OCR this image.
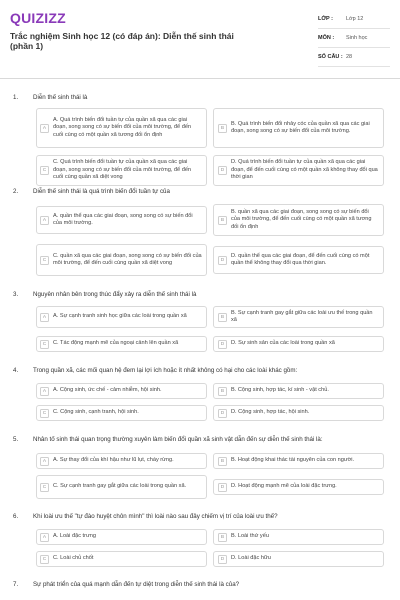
QUIZIZZ
Trắc nghiệm Sinh học 12 (có đáp án): Diễn thế sinh thái (phần 1)
LỚP :	Lớp 12
MÔN :	Sinh học
SỐ CÂU : 28
1.	Diễn thế sinh thái là
A
A. Quá trình biến đổi tuần tự của quần xã qua các giai đoạn, song song có sự biến đổi của môi trường, để đến cuối cùng có một quần xã tương đối ổn định
B
B. Quá trình biến đổi nhảy cóc của quần xã qua các giai đoạn, song song có sự biến đổi của môi trường.
C
C. Quá trình biến đổi tuần tự của quần xã qua các giai đoạn, song song có sự biến đổi của môi trường, để đến cuối cùng quần xã diệt vong
D
D. Quá trình biến đổi tuần tự của quần xã qua các giai đoạn, để đến cuối cùng có một quần xã không thay đổi qua thời gian
2.	Diễn thế sinh thái là quá trình biến đổi tuần tự của
A
A. quần thể qua các giai đoạn, song song có sự biến đổi của môi trường.	B
B. quần xã qua các giai đoạn, song song có sự biến đổi của môi trường, để đến cuối cùng có một quần xã tương đối ổn định
C
C. quần xã qua các giai đoạn, song song có sự biến đổi của môi trường, để đến cuối cùng quần xã diệt vong	D
D. quần thể qua các giai đoạn, để đến cuối cùng có một quần thể không thay đổi qua thời gian.
3.	Nguyên nhân bên trong thúc đẩy xảy ra diễn thế sinh thái là
A	A. Sự cạnh tranh sinh học giữa các loài trong quần xã	B
B. Sự cạnh tranh gay gắt giữa các loài ưu thế trong quần xã
C	C. Tác động mạnh mẽ của ngoại cảnh lên quần xã	D	D. Sự sinh sản của các loài trong quần xã
4.	Trong quần xã, các mối quan hệ đem lại lợi ích hoặc ít nhất không có hại cho các loài khác gồm:
A	A. Cộng sinh, ức chế - cảm nhiễm, hội sinh.	B	B. Cộng sinh, hợp tác, kí sinh - vật chủ.
C	C. Cộng sinh, cạnh tranh, hội sinh.	D	D. Cộng sinh, hợp tác, hội sinh.
5.	Nhân tố sinh thái quan trọng thường xuyên làm biến đổi quần xã sinh vật dẫn đến sự diễn thế sinh thái là:
A	A. Sự thay đổi của khí hậu như lũ lụt, cháy rừng.	B	B. Hoạt động khai thác tài nguyên của con người.
C	C. Sự cạnh tranh gay gắt giữa các loài trong quần xã.	D	D. Hoạt động mạnh mẽ của loài đặc trưng.
6.	Khi loài ưu thế "tự đào huyệt chôn mình" thì loài nào sau đây chiếm vị trí của loài ưu thế?
A	A. Loài đặc trưng	B	B. Loài thứ yếu
C	C. Loài chủ chốt	D	D. Loài đặc hữu
7.	Sự phát triển của quá mạnh dẫn đến tự diệt trong diễn thế sinh thái là của?
